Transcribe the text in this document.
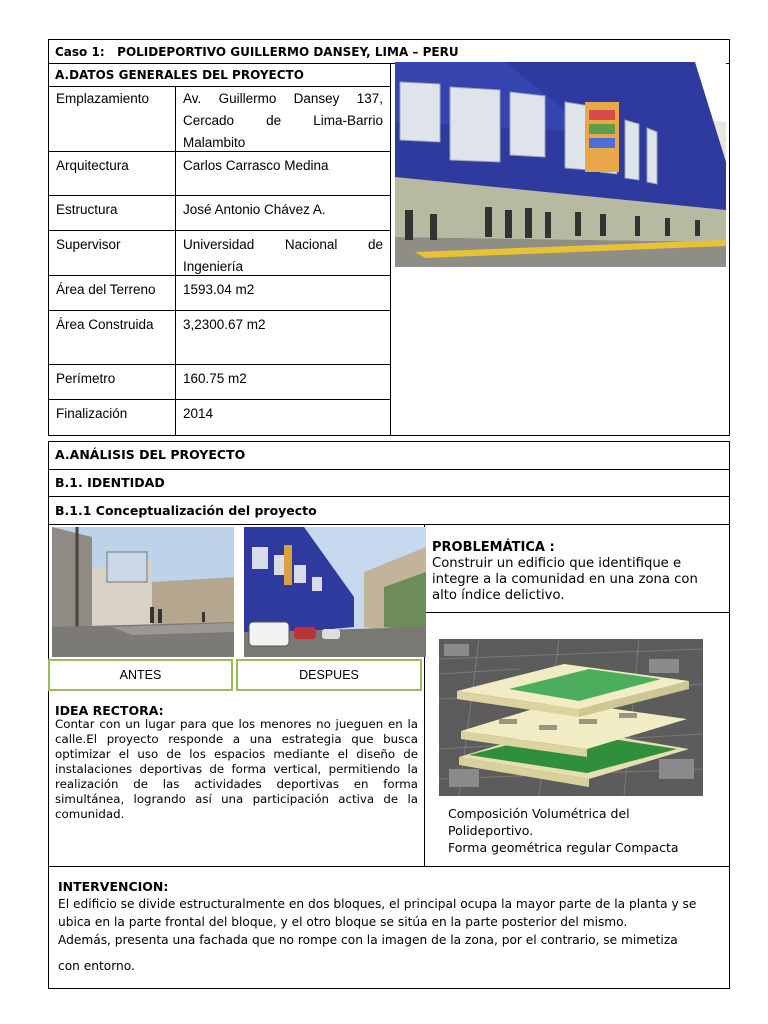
Caso 1:   POLIDEPORTIVO GUILLERMO DANSEY, LIMA – PERU
A.DATOS GENERALES DEL PROYECTO
Emplazamiento	Av. Guillermo Dansey 137, Cercado de Lima-Barrio Malambito
Arquitectura	Carlos Carrasco Medina
Estructura	José Antonio Chávez A.
Supervisor	Universidad Nacional de Ingeniería
Área del Terreno	1593.04 m2
Área Construida	3,2300.67 m2
Perímetro	160.75 m2
Finalización	2014
A.ANÁLISIS DEL PROYECTO
B.1. IDENTIDAD
B.1.1 Conceptualización del proyecto
ANTES	DESPUES
PROBLEMÁTICA :
Construir un edificio que identifique e integre a la comunidad en una zona con alto índice delictivo.
IDEA RECTORA:
Contar con un lugar para que los menores no jueguen en la calle.El proyecto responde a una estrategia que busca optimizar el uso de los espacios mediante el diseño de instalaciones deportivas de forma vertical, permitiendo la realización de las actividades deportivas en forma simultánea, logrando así una participación activa de la comunidad.	Composición Volumétrica del
Polideportivo.
Forma geométrica regular Compacta
INTERVENCION:
El edificio se divide estructuralmente en dos bloques, el principal ocupa la mayor parte de la planta y se
ubica en la parte frontal del bloque, y el otro bloque se sitúa en la parte posterior del mismo.
Además, presenta una fachada que no rompe con la imagen de la zona, por el contrario, se mimetiza
con entorno.
